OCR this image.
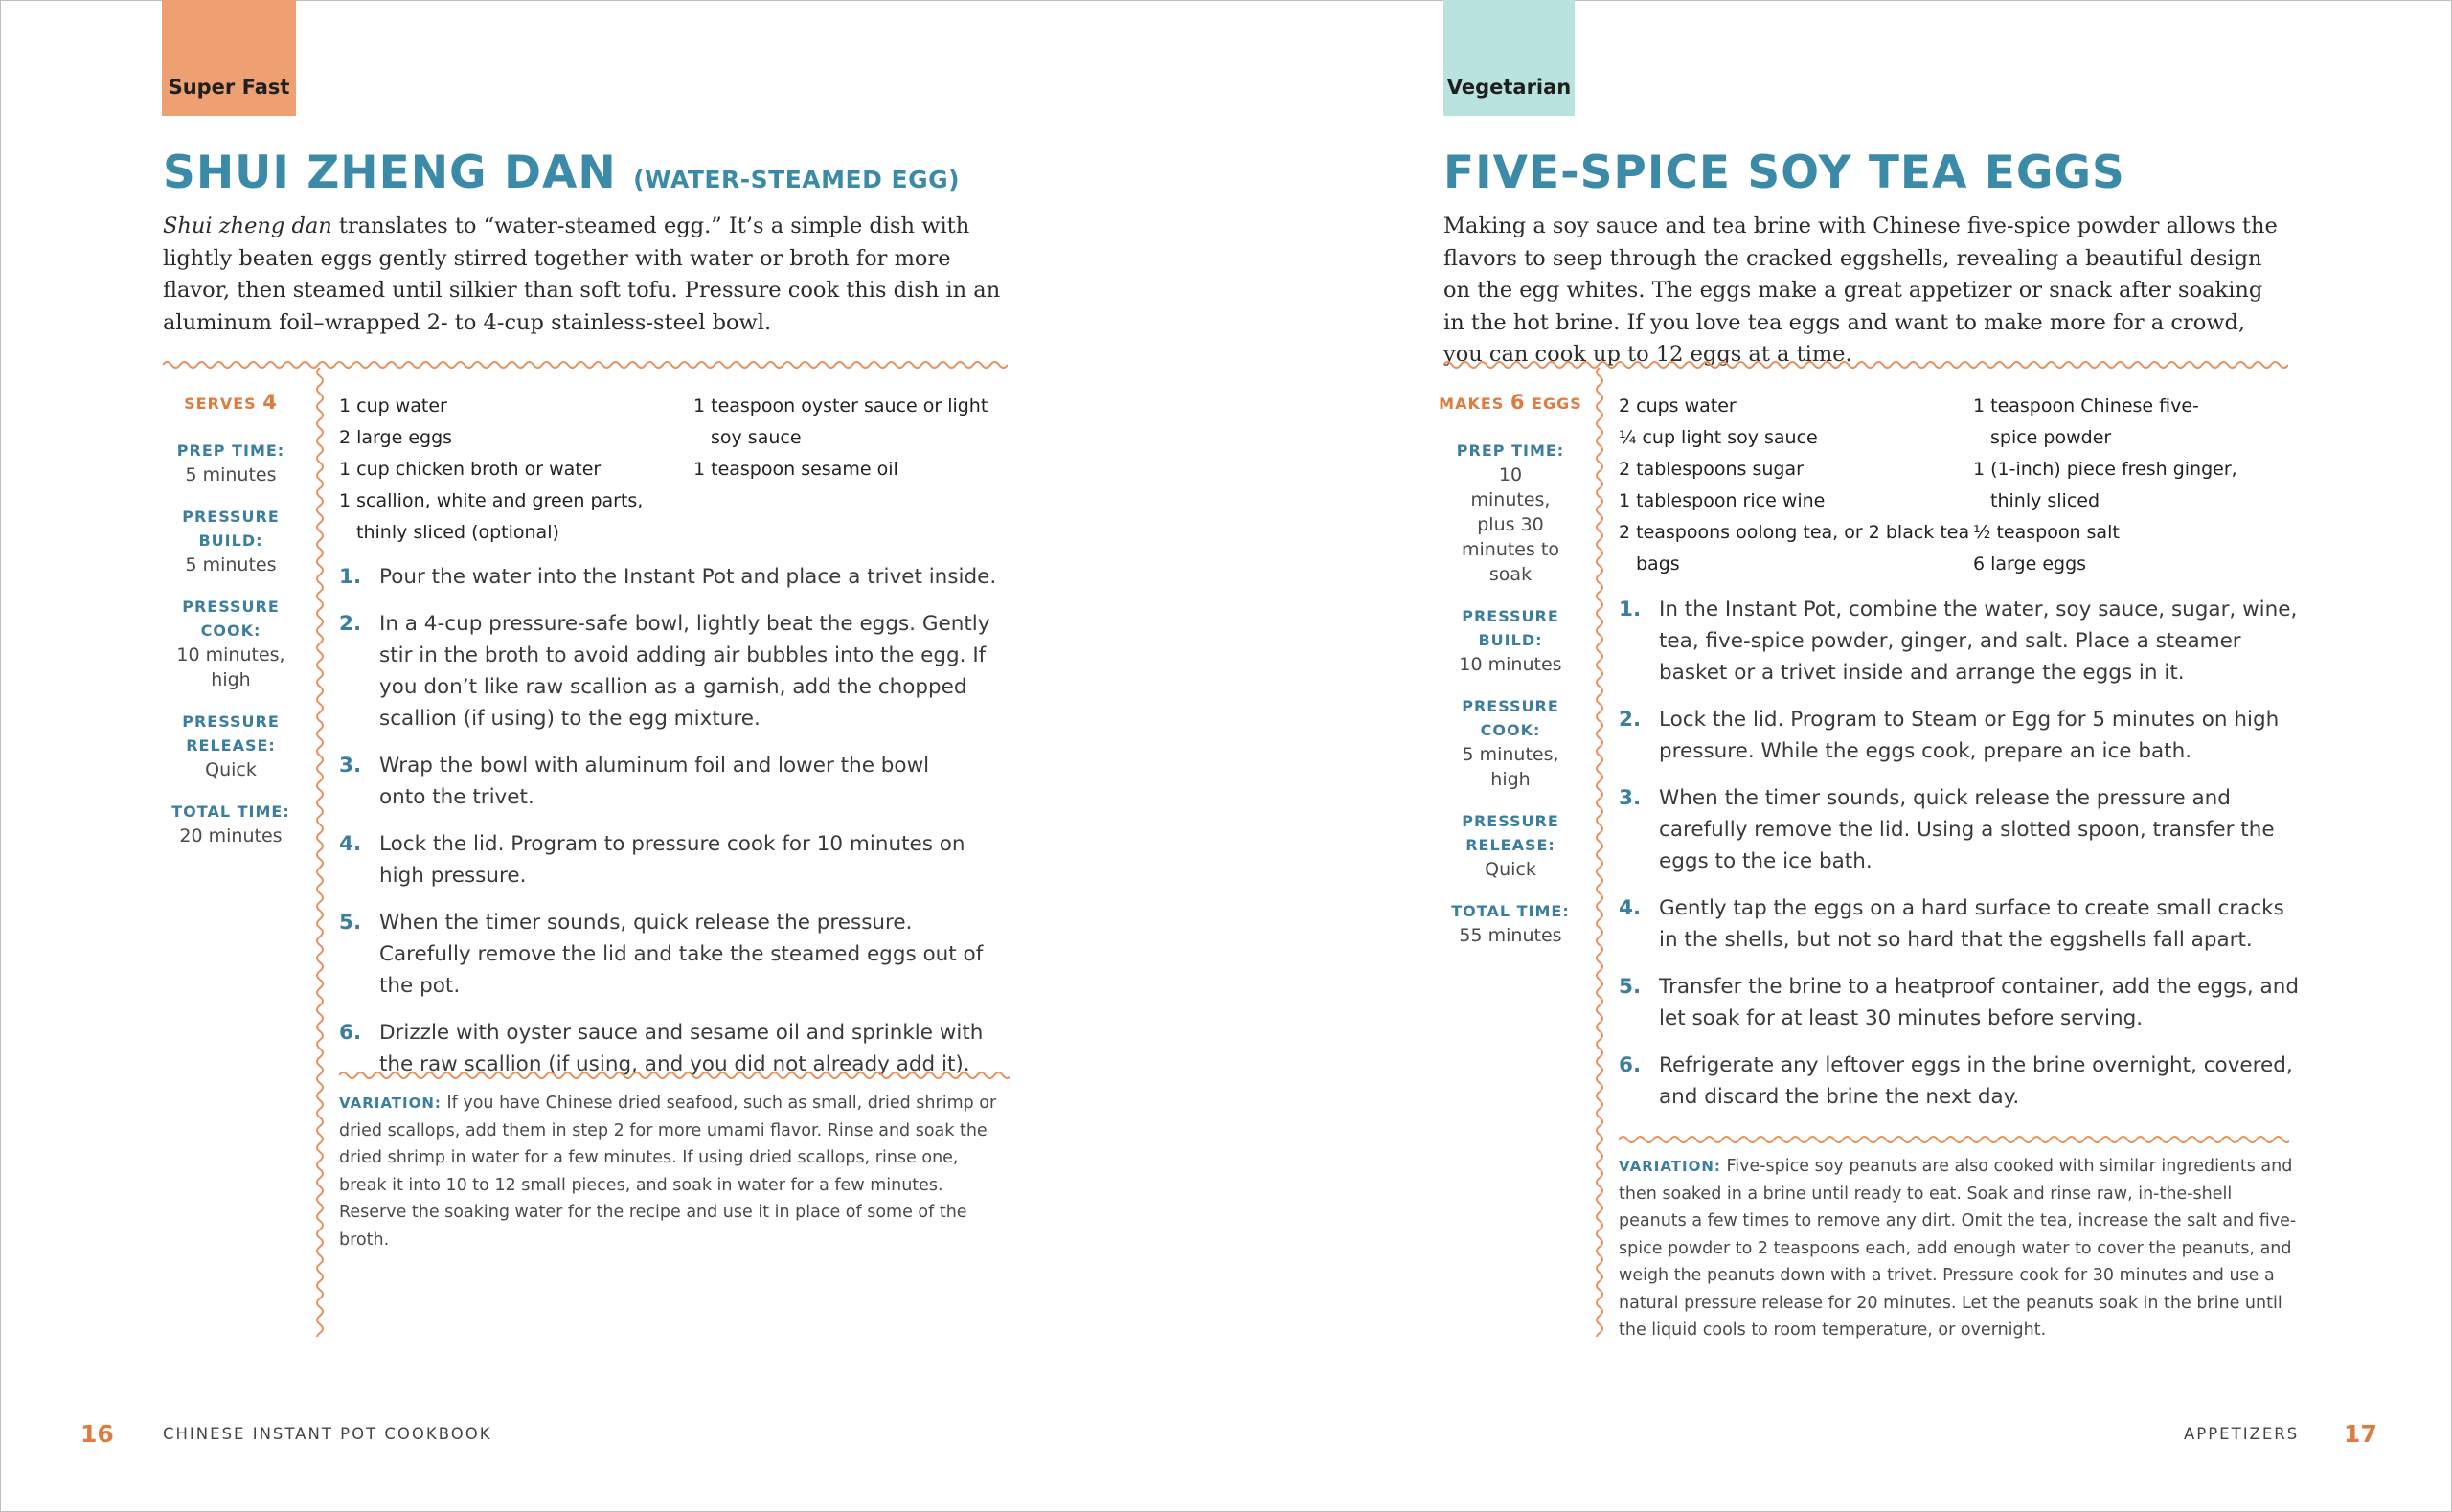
Super Fast
SHUI ZHENG DAN (WATER-STEAMED EGG)

Shui zheng dan translates to “water-steamed egg.” It’s a simple dish with lightly beaten eggs gently stirred together with water or broth for more flavor, then steamed until silkier than soft tofu. Pressure cook this dish in an aluminum foil–wrapped 2- to 4-cup stainless-steel bowl.

SERVES 4
PREP TIME:
5 minutes
PRESSURE BUILD:
5 minutes
PRESSURE COOK:
10 minutes, high
PRESSURE RELEASE:
Quick
TOTAL TIME:
20 minutes
1 cup water
2 large eggs
1 cup chicken broth or water
1 scallion, white and green parts, thinly sliced (optional)
1 teaspoon oyster sauce or light soy sauce
1 teaspoon sesame oil
1. Pour the water into the Instant Pot and place a trivet inside.
2. In a 4-cup pressure-safe bowl, lightly beat the eggs. Gently stir in the broth to avoid adding air bubbles into the egg. If you don’t like raw scallion as a garnish, add the chopped scallion (if using) to the egg mixture.
3. Wrap the bowl with aluminum foil and lower the bowl onto the trivet.
4. Lock the lid. Program to pressure cook for 10 minutes on high pressure.
5. When the timer sounds, quick release the pressure. Carefully remove the lid and take the steamed eggs out of the pot.
6. Drizzle with oyster sauce and sesame oil and sprinkle with the raw scallion (if using, and you did not already add it).

VARIATION: If you have Chinese dried seafood, such as small, dried shrimp or dried scallops, add them in step 2 for more umami flavor. Rinse and soak the dried shrimp in water for a few minutes. If using dried scallops, rinse one, break it into 10 to 12 small pieces, and soak in water for a few minutes. Reserve the soaking water for the recipe and use it in place of some of the broth.

16	CHINESE INSTANT POT COOKBOOK
Vegetarian
FIVE-SPICE SOY TEA EGGS

Making a soy sauce and tea brine with Chinese five-spice powder allows the flavors to seep through the cracked eggshells, revealing a beautiful design on the egg whites. The eggs make a great appetizer or snack after soaking in the hot brine. If you love tea eggs and want to make more for a crowd, you can cook up to 12 eggs at a time.

MAKES 6 EGGS
PREP TIME:
10 minutes, plus 30 minutes to soak
PRESSURE BUILD:
10 minutes
PRESSURE COOK:
5 minutes, high
PRESSURE RELEASE:
Quick
TOTAL TIME:
55 minutes
2 cups water
¼ cup light soy sauce
2 tablespoons sugar
1 tablespoon rice wine
2 teaspoons oolong tea, or 2 black tea bags
1 teaspoon Chinese five-spice powder
1 (1-inch) piece fresh ginger, thinly sliced
½ teaspoon salt
6 large eggs
1. In the Instant Pot, combine the water, soy sauce, sugar, wine, tea, five-spice powder, ginger, and salt. Place a steamer basket or a trivet inside and arrange the eggs in it.
2. Lock the lid. Program to Steam or Egg for 5 minutes on high pressure. While the eggs cook, prepare an ice bath.
3. When the timer sounds, quick release the pressure and carefully remove the lid. Using a slotted spoon, transfer the eggs to the ice bath.
4. Gently tap the eggs on a hard surface to create small cracks in the shells, but not so hard that the eggshells fall apart.
5. Transfer the brine to a heatproof container, add the eggs, and let soak for at least 30 minutes before serving.
6. Refrigerate any leftover eggs in the brine overnight, covered, and discard the brine the next day.

VARIATION: Five-spice soy peanuts are also cooked with similar ingredients and then soaked in a brine until ready to eat. Soak and rinse raw, in-the-shell peanuts a few times to remove any dirt. Omit the tea, increase the salt and five-spice powder to 2 teaspoons each, add enough water to cover the peanuts, and weigh the peanuts down with a trivet. Pressure cook for 30 minutes and use a natural pressure release for 20 minutes. Let the peanuts soak in the brine until the liquid cools to room temperature, or overnight.

APPETIZERS 17
